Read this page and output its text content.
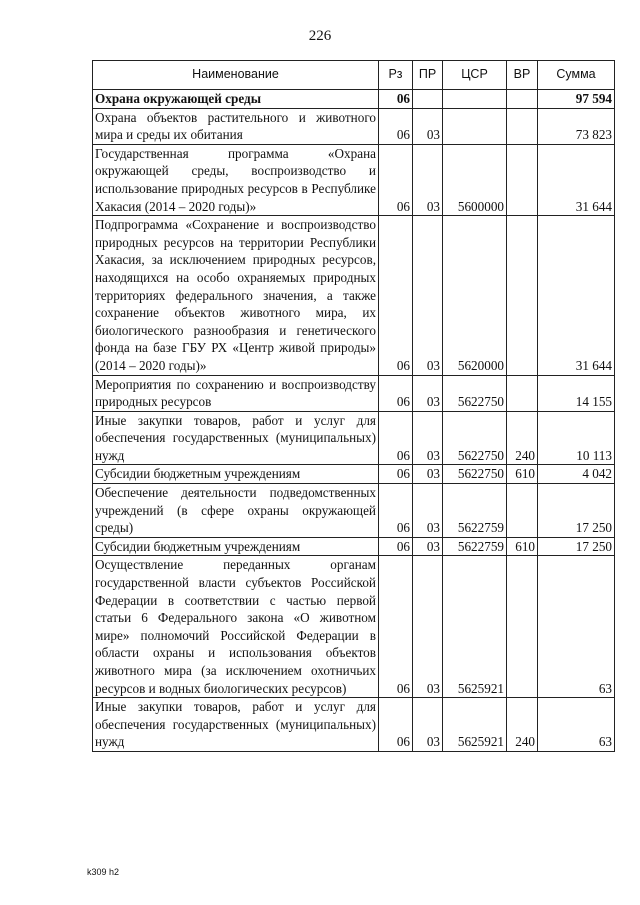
226
Наименование	Рз	ПР	ЦСР	ВР	Сумма
Охрана окружающей среды	06				97 594
Охрана объектов растительного и животного мира и среды их обитания	06	03			73 823
Государственная программа «Охрана окружающей среды, воспроизводство и использование природных ресурсов в Республике Хакасия (2014 – 2020 годы)»	06	03	5600000		31 644
Подпрограмма «Сохранение и воспроизводство природных ресурсов на территории Республики Хакасия, за исключением природных ресурсов, находящихся на особо охраняемых природных территориях федерального значения, а также сохранение объектов животного мира, их биологического разнообразия и генетического фонда на базе ГБУ РХ «Центр живой природы» (2014 – 2020 годы)»	06	03	5620000		31 644
Мероприятия по сохранению и воспроизводству природных ресурсов	06	03	5622750		14 155
Иные закупки товаров, работ и услуг для обеспечения государственных (муниципальных) нужд	06	03	5622750	240	10 113
Субсидии бюджетным учреждениям	06	03	5622750	610	4 042
Обеспечение деятельности подведомственных учреждений (в сфере охраны окружающей среды)	06	03	5622759		17 250
Субсидии бюджетным учреждениям	06	03	5622759	610	17 250
Осуществление переданных органам государственной власти субъектов Российской Федерации в соответствии с частью первой статьи 6 Федерального закона «О животном мире» полномочий Российской Федерации в области охраны и использования объектов животного мира (за исключением охотничьих ресурсов и водных биологических ресурсов)	06	03	5625921		63
Иные закупки товаров, работ и услуг для обеспечения государственных (муниципальных) нужд	06	03	5625921	240	63
k309 h2
